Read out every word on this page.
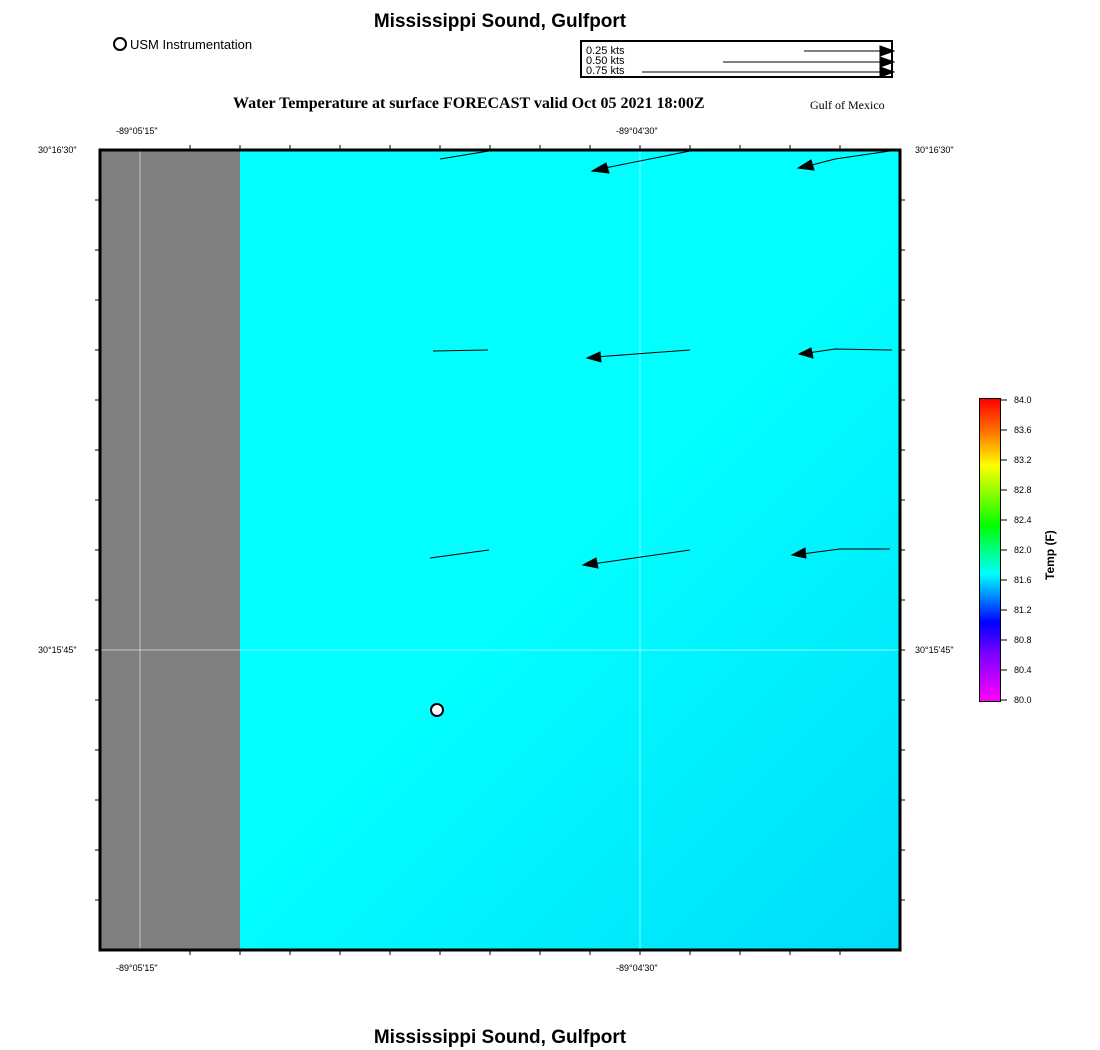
Mississippi Sound, Gulfport
USM Instrumentation	0.25 kts
0.50 kts
0.75 kts
Water Temperature at surface FORECAST valid Oct 05 2021 18:00Z	Gulf of Mexico
-89°05'15"	-89°04'30"
-89°05'15"	-89°04'30"
30°16'30"
30°15'45"
30°16'30"
30°15'45"
84.0
83.6
83.2
82.8
82.4
82.0
81.6
81.2
80.8
80.4
80.0
Temp (F)
Mississippi Sound, Gulfport
